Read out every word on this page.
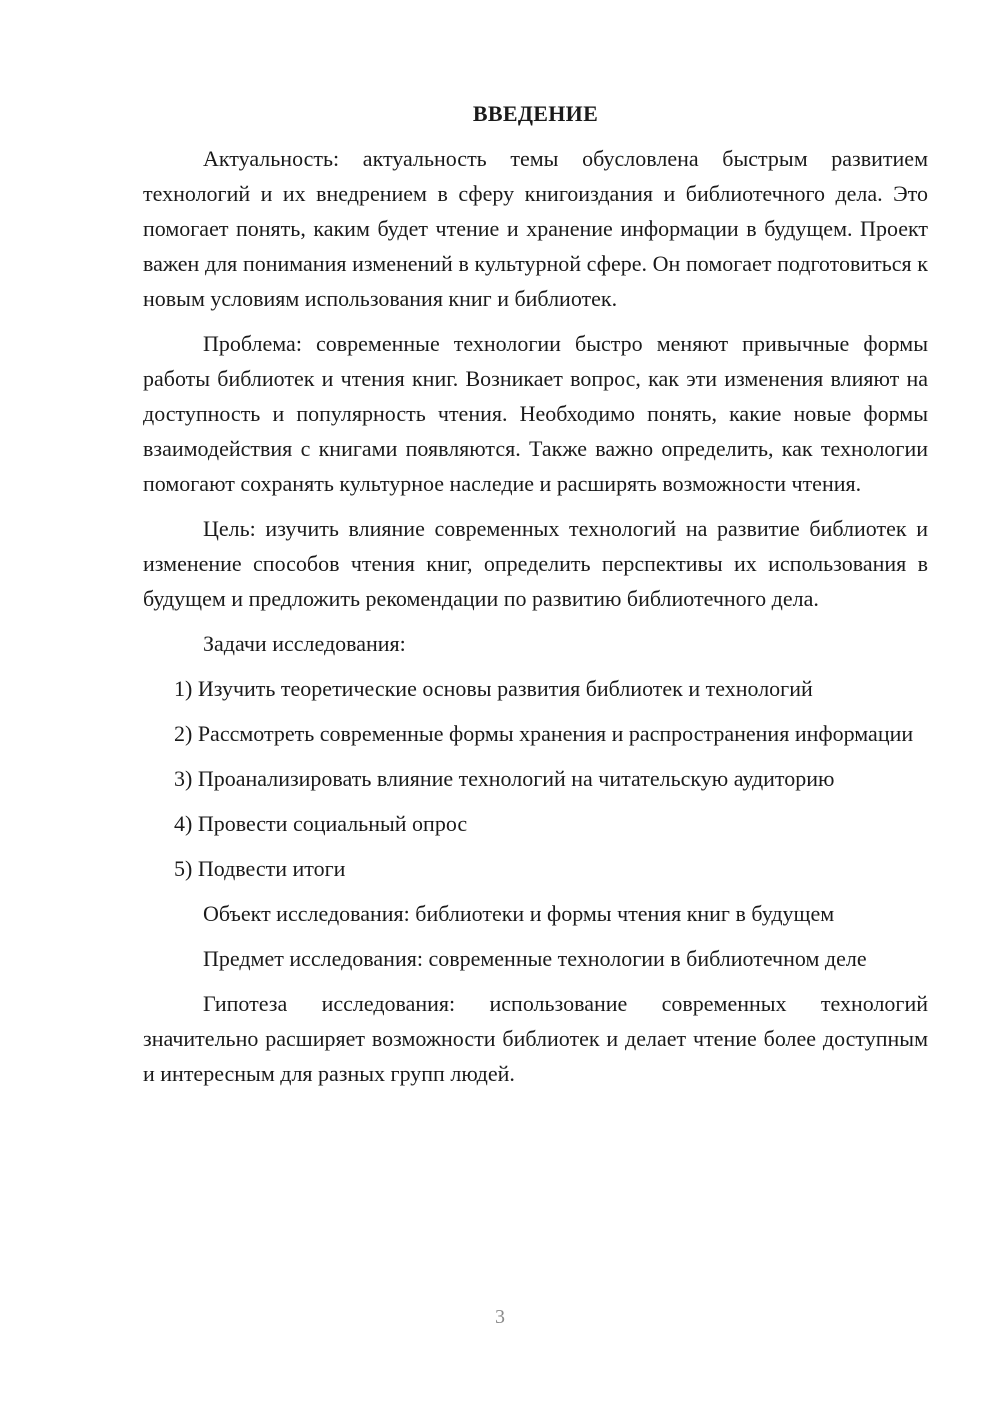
ВВЕДЕНИЕ

Актуальность: актуальность темы обусловлена быстрым развитием технологий и их внедрением в сферу книгоиздания и библиотечного дела. Это помогает понять, каким будет чтение и хранение информации в будущем. Проект важен для понимания изменений в культурной сфере. Он помогает подготовиться к новым условиям использования книг и библиотек.

Проблема: современные технологии быстро меняют привычные формы работы библиотек и чтения книг. Возникает вопрос, как эти изменения влияют на доступность и популярность чтения. Необходимо понять, какие новые формы взаимодействия с книгами появляются. Также важно определить, как технологии помогают сохранять культурное наследие и расширять возможности чтения.

Цель: изучить влияние современных технологий на развитие библиотек и изменение способов чтения книг, определить перспективы их использования в будущем и предложить рекомендации по развитию библиотечного дела.

Задачи исследования:

1) Изучить теоретические основы развития библиотек и технологий

2) Рассмотреть современные формы хранения и распространения информации

3) Проанализировать влияние технологий на читательскую аудиторию

4) Провести социальный опрос

5) Подвести итоги

Объект исследования: библиотеки и формы чтения книг в будущем

Предмет исследования: современные технологии в библиотечном деле

Гипотеза исследования: использование современных технологий значительно расширяет возможности библиотек и делает чтение более доступным и интересным для разных групп людей.

3
